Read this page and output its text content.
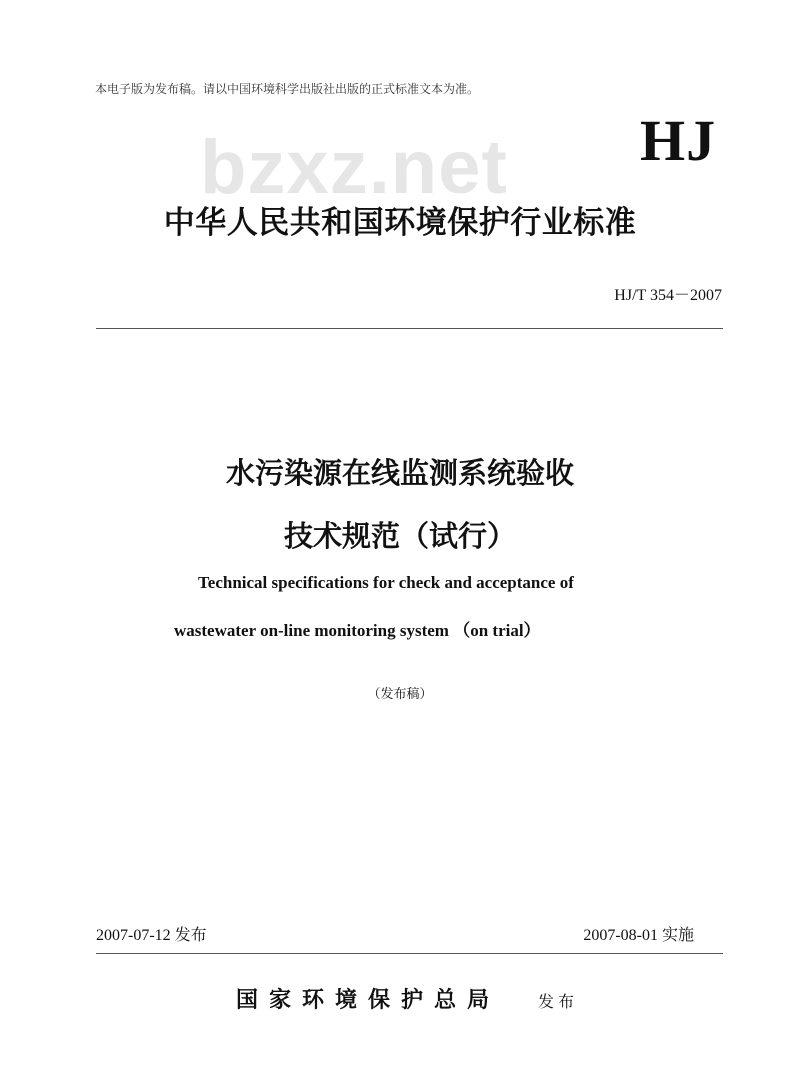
本电子版为发布稿。请以中国环境科学出版社出版的正式标准文本为准。
bzxz.net HJ
中华人民共和国环境保护行业标准
HJ/T 354－2007
水污染源在线监测系统验收
技术规范（试行）
Technical specifications for check and acceptance of
wastewater on-line monitoring system （on trial）
（发布稿）
2007-07-12 发布	2007-08-01 实施
国家环境保护总局 发布
